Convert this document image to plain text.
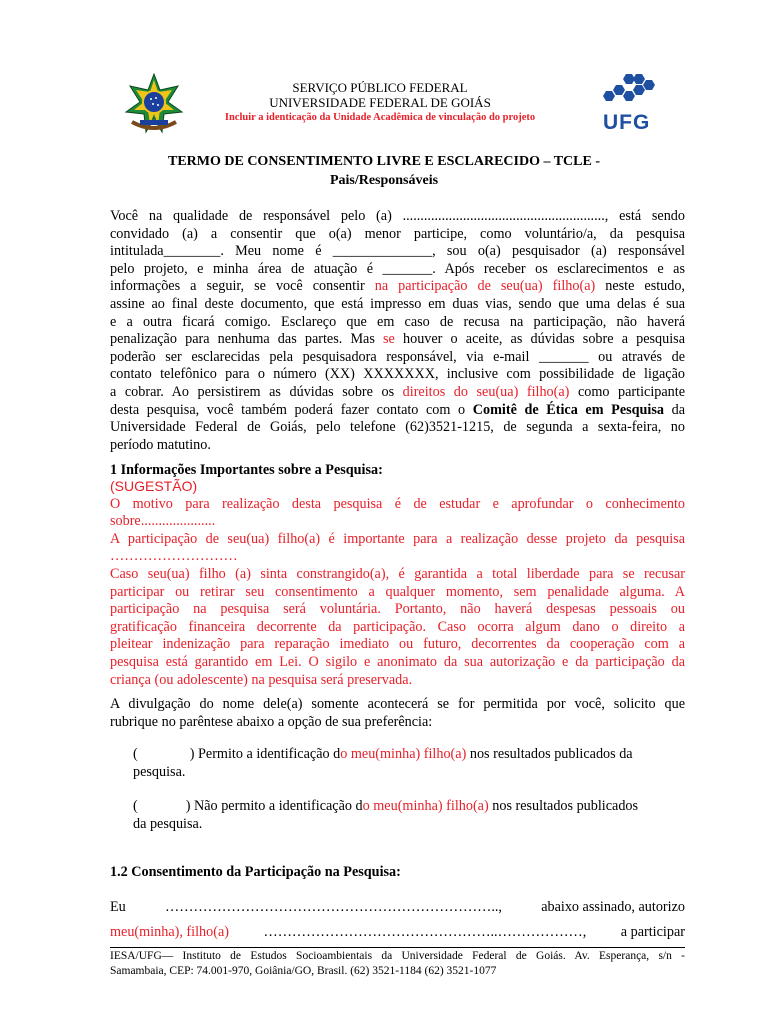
SERVIÇO PÚBLICO FEDERAL
UNIVERSIDADE FEDERAL DE GOIÁS
Incluir a identicação da Unidade Acadêmica de vinculação do projeto	UFG
TERMO DE CONSENTIMENTO LIVRE E ESCLARECIDO – TCLE -
Pais/Responsáveis
Você na qualidade de responsável pelo (a) ........................................................., está sendo
convidado (a) a consentir que o(a) menor participe, como voluntário/a, da pesquisa
intitulada________. Meu nome é ______________, sou o(a) pesquisador (a) responsável
pelo projeto, e minha área de atuação é _______. Após receber os esclarecimentos e as
informações a seguir, se você consentir na participação de seu(ua) filho(a) neste estudo,
assine ao final deste documento, que está impresso em duas vias, sendo que uma delas é sua
e a outra ficará comigo. Esclareço que em caso de recusa na participação, não haverá
penalização para nenhuma das partes. Mas se houver o aceite, as dúvidas sobre a pesquisa
poderão ser esclarecidas pela pesquisadora responsável, via e-mail _______ ou através de
contato telefônico para o número (XX) XXXXXXX, inclusive com possibilidade de ligação
a cobrar. Ao persistirem as dúvidas sobre os direitos do seu(ua) filho(a) como participante
desta pesquisa, você também poderá fazer contato com o Comitê de Ética em Pesquisa da
Universidade Federal de Goiás, pelo telefone (62)3521-1215, de segunda a sexta-feira, no
período matutino.
1 Informações Importantes sobre a Pesquisa:
(SUGESTÃO)
O motivo para realização desta pesquisa é de estudar e aprofundar o conhecimento
sobre.....................
A participação de seu(ua) filho(a) é importante para a realização desse projeto da pesquisa
………………………
Caso seu(ua) filho (a) sinta constrangido(a), é garantida a total liberdade para se recusar
participar ou retirar seu consentimento a qualquer momento, sem penalidade alguma. A
participação na pesquisa será voluntária. Portanto, não haverá despesas pessoais ou
gratificação financeira decorrente da participação. Caso ocorra algum dano o direito a
pleitear indenização para reparação imediato ou futuro, decorrentes da cooperação com a
pesquisa está garantido em Lei. O sigilo e anonimato da sua autorização e da participação da
criança (ou adolescente) na pesquisa será preservada.
A divulgação do nome dele(a) somente acontecerá se for permitida por você, solicito que
rubrique no parêntese abaixo a opção de sua preferência:
(	) Permito a identificação do meu(minha) filho(a) nos resultados publicados da
pesquisa.
(	) Não permito a identificação do meu(minha) filho(a) nos resultados publicados
da pesquisa.
1.2 Consentimento da Participação na Pesquisa:
Eu	……………………………………………………………..,	abaixo assinado, autorizo
meu(minha), filho(a) …………………………………………..………………, a participar
IESA/UFG— Instituto de Estudos Socioambientais da Universidade Federal de Goiás. Av. Esperança, s/n -
Samambaia, CEP: 74.001-970, Goiânia/GO, Brasil. (62) 3521-1184 (62) 3521-1077
